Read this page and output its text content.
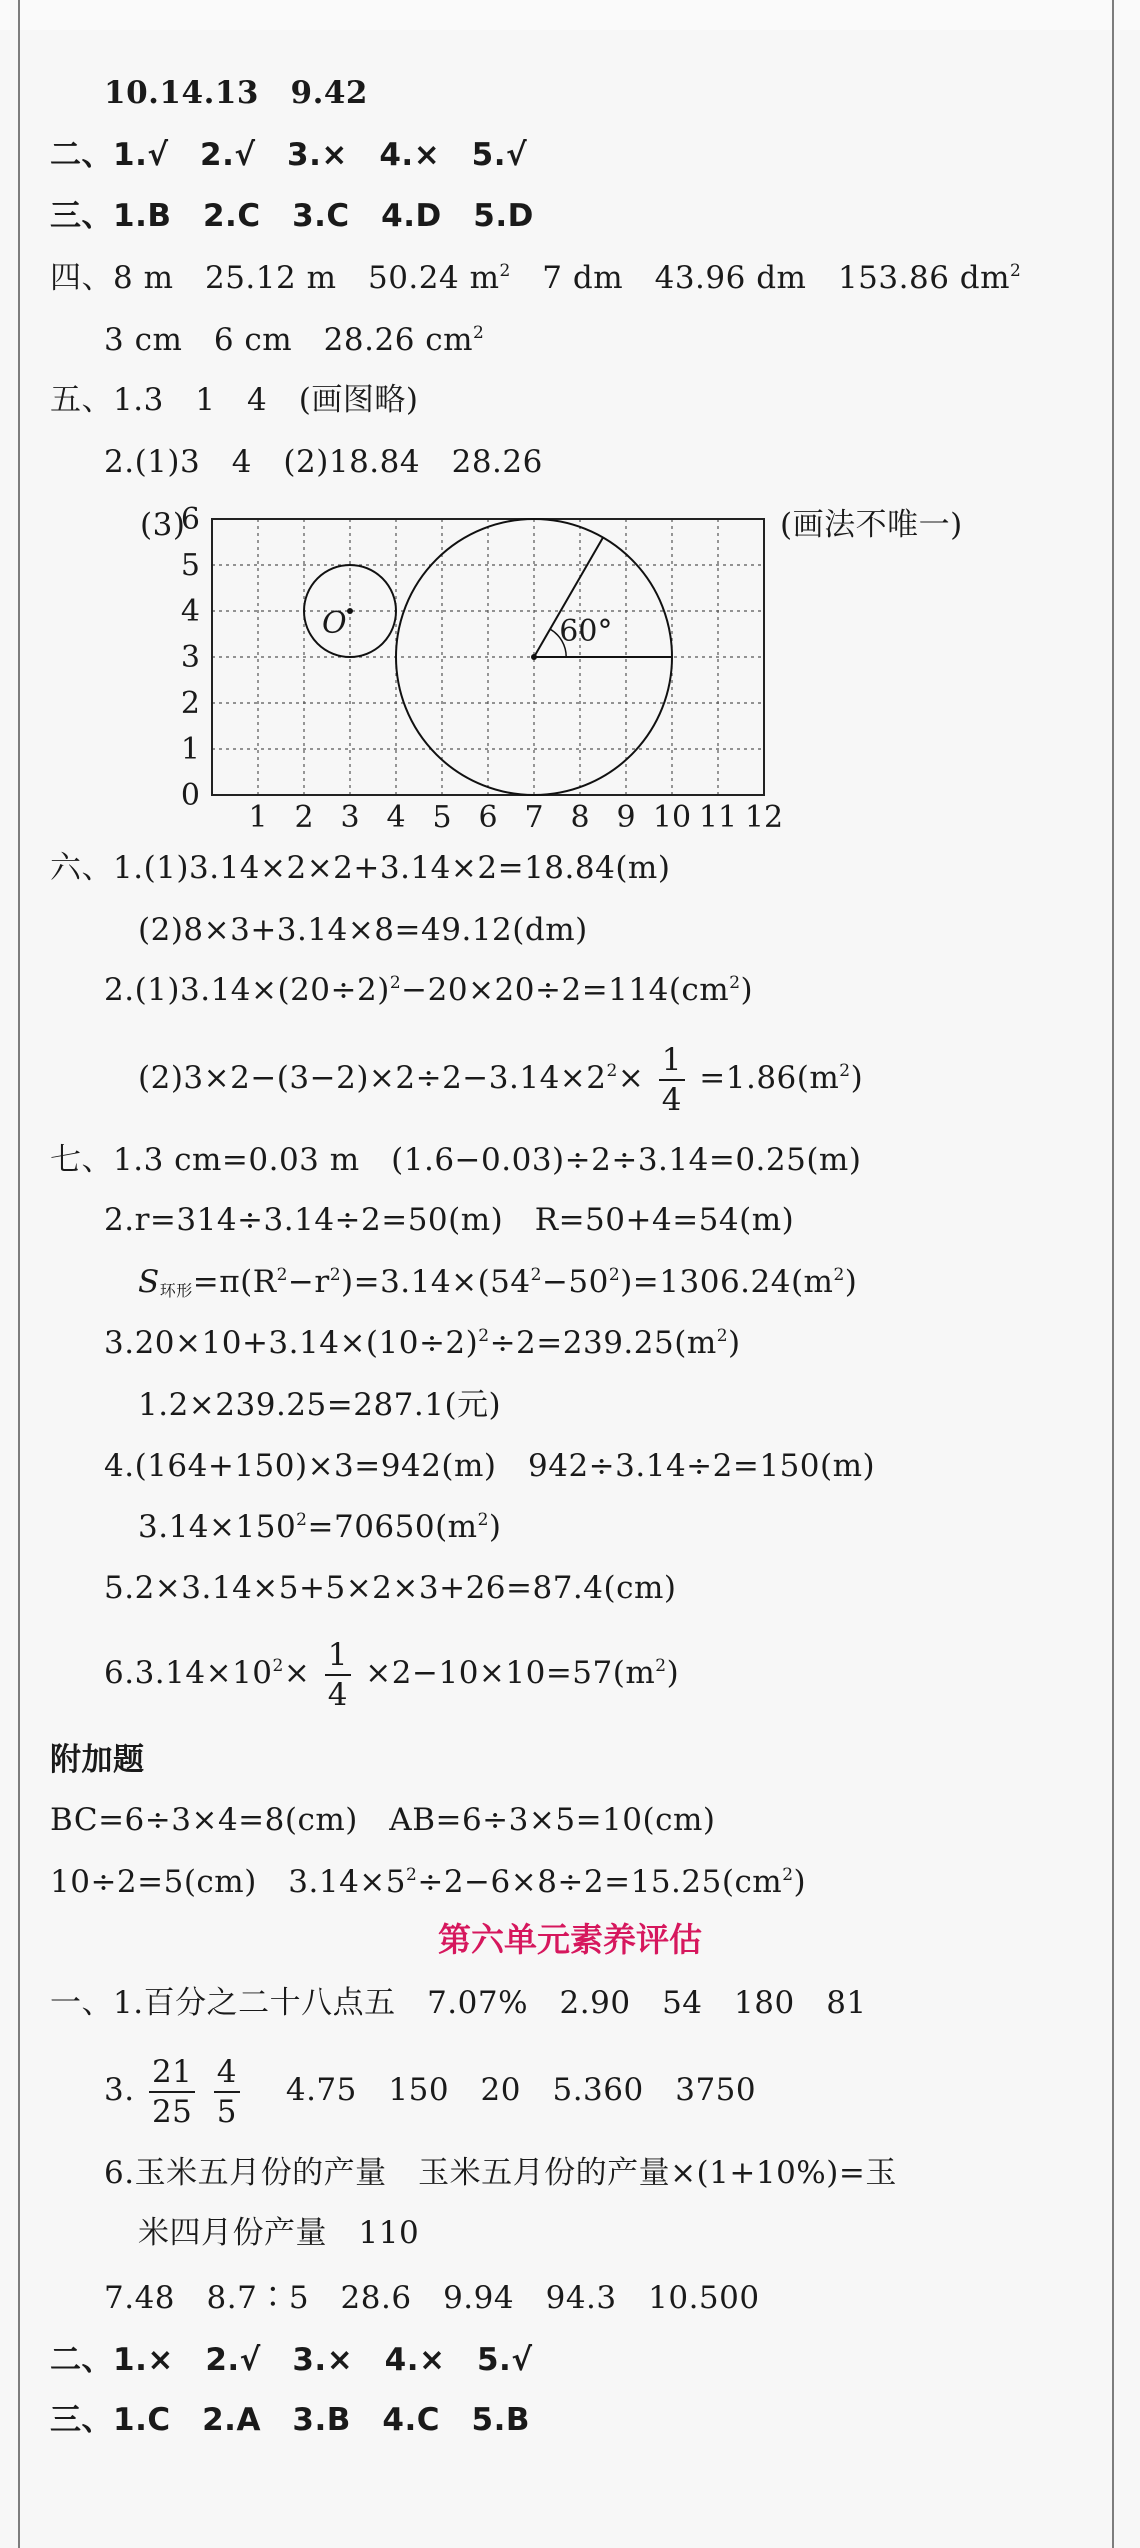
10.14.13　9.42
二、1.√　2.√　3.×　4.×　5.√
三、1.B　2.C　3.C　4.D　5.D
四、8 m　25.12 m　50.24 $m^2$　7 dm　43.96 dm　153.86 $dm^2$
3 cm　6 cm　28.26 $cm^2$
五、1.3　1　4　(画图略)
2.(1)3　4　(2)18.84　28.26
(3)	(画法不唯一)
O	60°
1 2 3 4 5 6 7 8 9 10 11 12
0
1
2
3
4
5
6
六、1.(1)3.14×2×2+3.14×2=18.84(m)
(2)8×3+3.14×8=49.12(dm)
$2.(1)3.14\times(20\div 2)^2-20\times 20\div 2=114(cm^2)$
$(2)3\times 2-(3-2)\times 2\div 2-3.14\times 2^2\times \frac{1}{4} =1.86(m^2)$
七、1.3 cm=0.03 m　(1.6−0.03)÷2÷3.14=0.25(m)
2.r=314÷3.14÷2=50(m)　R=50+4=54(m)
$S_{环形}=\pi(R^2-r^2)=3.14\times(54^2-50^2)=1306.24(m^2)$
$3.20\times 10+3.14\times(10\div 2)^2\div 2=239.25(m^2)$
1.2×239.25=287.1(元)
4.(164+150)×3=942(m)　942÷3.14÷2=150(m)
$3.14\times 150^2=70650(m^2)$
5.2×3.14×5+5×2×3+26=87.4(cm)
$6.3.14\times 10^2\times \frac{1}{4} \times 2-10\times 10=57(m^2)$
附加题
BC=6÷3×4=8(cm)　AB=6÷3×5=10(cm)
10÷2=5(cm)　$3.14\times 5^2\div 2-6\times 8\div 2=15.25(cm^2)$
第六单元素养评估
一、1.百分之二十八点五　7.07%　2.90　54　180　81
3. $\frac{21}{25}$
$\frac{4}{5}$ 　4.75　150　20　5.360　3750
6.玉米五月份的产量　玉米五月份的产量×(1+10%)=玉
米四月份产量　110
7.48　8.7∶5　28.6　9.94　94.3　10.500
二、1.×　2.√　3.×　4.×　5.√
三、1.C　2.A　3.B　4.C　5.B
